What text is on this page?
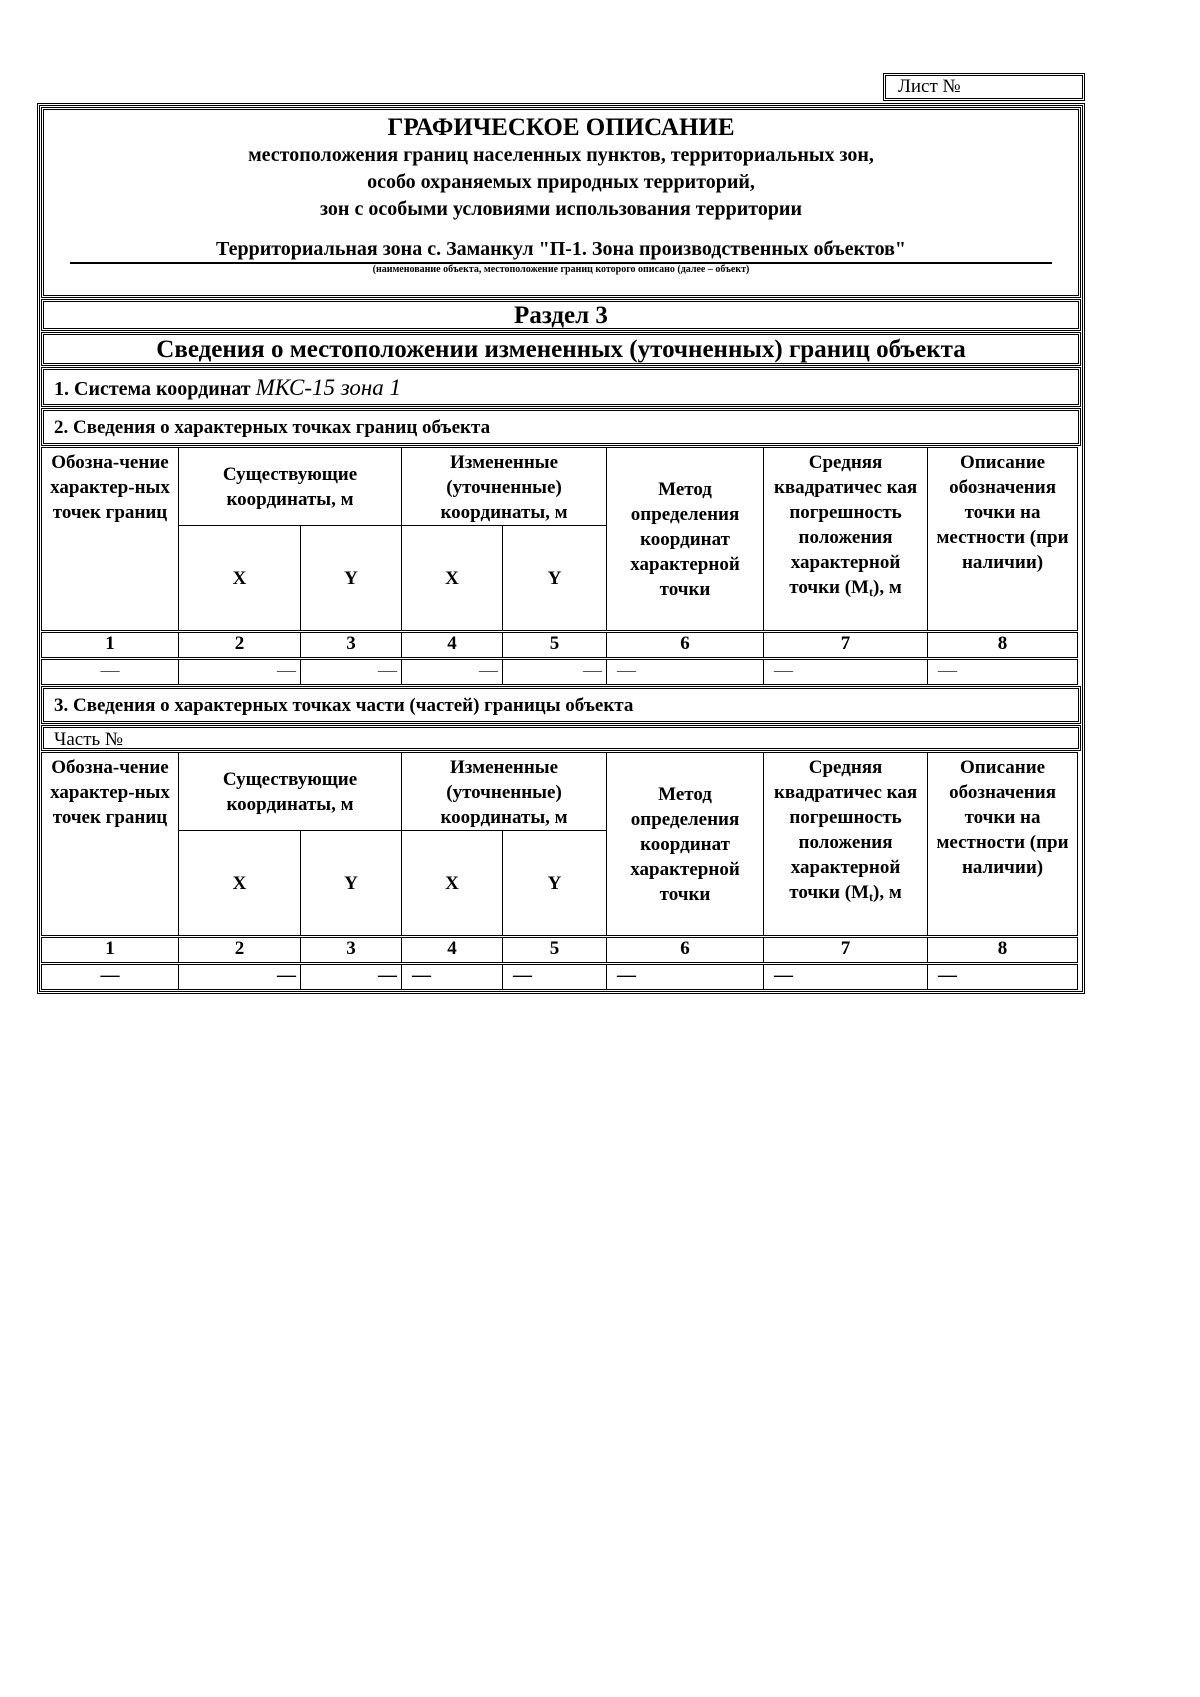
Лист №
ГРАФИЧЕСКОЕ ОПИСАНИЕ
местоположения границ населенных пунктов, территориальных зон,
особо охраняемых природных территорий,
зон с особыми условиями использования территории
Территориальная зона с. Заманкул "П-1. Зона производственных объектов"
(наименование объекта, местоположение границ которого описано (далее – объект)
Раздел 3
Сведения о местоположении измененных (уточненных) границ объекта
1. Система координат МКС-15 зона 1
2. Сведения о характерных точках границ объекта
Обозна-чение характер-ных точек границ	Существующие координаты, м		Измененные (уточненные) координаты, м		Метод определения координат характерной точки	Средняя квадратичес кая погрешность положения характерной точки (Mt), м	Описание обозначения точки на местности (при наличии)
	X	Y	X	Y			
1	2	3	4	5	6	7	8
—	—	—	—	—	—	—	—
3. Сведения о характерных точках части (частей) границы объекта
Часть №
Обозна-чение характер-ных точек границ	Существующие координаты, м		Измененные (уточненные) координаты, м		Метод определения координат характерной точки	Средняя квадратичес кая погрешность положения характерной точки (Mt), м	Описание обозначения точки на местности (при наличии)
	X	Y	X	Y			
1	2	3	4	5	6	7	8
—	—	—	—	—	—	—	—
